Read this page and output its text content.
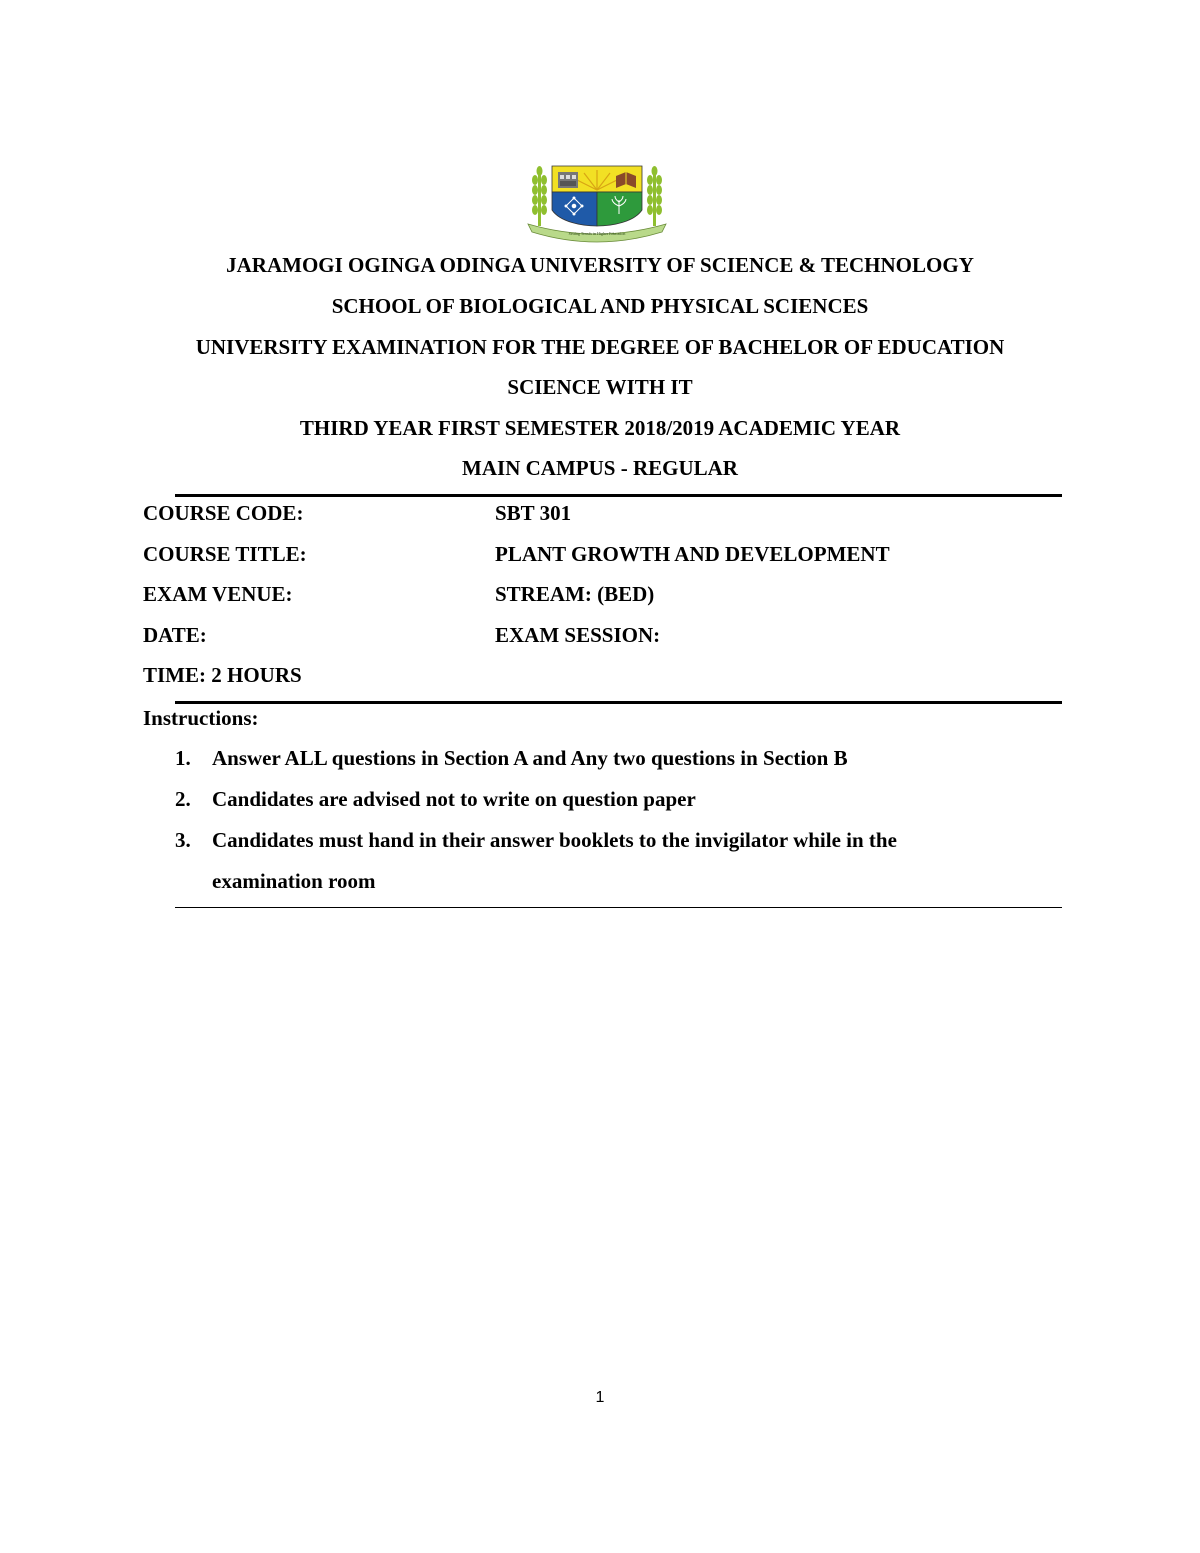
Setting Trends in Higher Education
JARAMOGI OGINGA ODINGA UNIVERSITY OF SCIENCE & TECHNOLOGY
SCHOOL OF BIOLOGICAL AND PHYSICAL SCIENCES
UNIVERSITY EXAMINATION FOR THE DEGREE OF BACHELOR OF EDUCATION
SCIENCE WITH IT
THIRD YEAR FIRST SEMESTER 2018/2019 ACADEMIC YEAR
MAIN CAMPUS - REGULAR
COURSE CODE:	SBT 301
COURSE TITLE:	PLANT GROWTH AND DEVELOPMENT
EXAM VENUE:	STREAM: (BED)
DATE:	EXAM SESSION:
TIME: 2 HOURS
Instructions:
1. Answer ALL questions in Section A and Any two questions in Section B
2. Candidates are advised not to write on question paper
3. Candidates must hand in their answer booklets to the invigilator while in the
examination room
1
